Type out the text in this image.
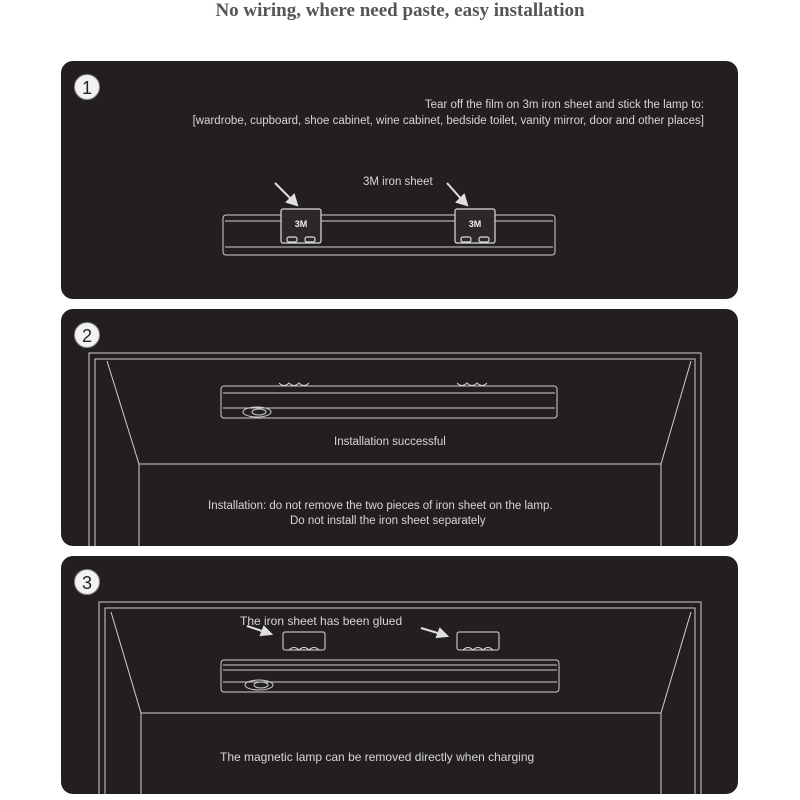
No wiring, where need paste, easy installation
1
Tear off the film on 3m iron sheet and stick the lamp to:
[wardrobe, cupboard, shoe cabinet, wine cabinet, bedside toilet, vanity mirror, door and other places]
3M iron sheet
3M	3M
2
Installation successful
Installation: do not remove the two pieces of iron sheet on the lamp.
Do not install the iron sheet separately
3
The iron sheet has been glued
The magnetic lamp can be removed directly when charging
